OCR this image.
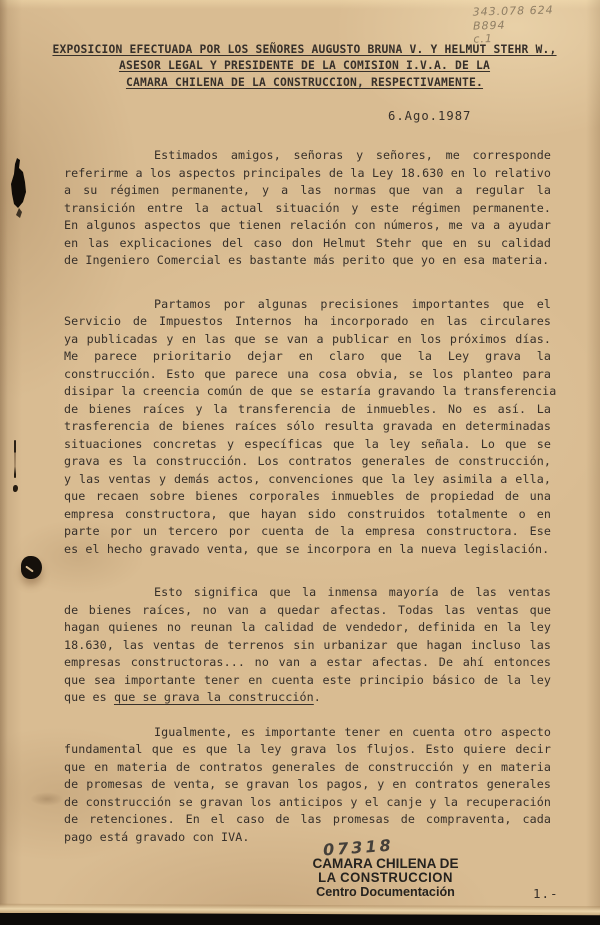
343.078 624
B894
c.1
EXPOSICION EFECTUADA POR LOS SEÑORES AUGUSTO BRUNA V. Y HELMUT STEHR W.,
ASESOR LEGAL Y PRESIDENTE DE LA COMISION I.V.A. DE LA
CAMARA CHILENA DE LA CONSTRUCCION, RESPECTIVAMENTE.
6.Ago.1987
Estimados amigos, señoras y señores, me corresponde
referirme a los aspectos principales de la Ley 18.630 en lo relativo
a su régimen permanente, y a las normas que van a regular la
transición entre la actual situación y este régimen permanente.
En algunos aspectos que tienen relación con números, me va a ayudar
en las explicaciones del caso don Helmut Stehr que en su calidad
de Ingeniero Comercial es bastante más perito que yo en esa materia.
Partamos por algunas precisiones importantes que el
Servicio de Impuestos Internos ha incorporado en las circulares
ya publicadas y en las que se van a publicar en los próximos días.
Me parece prioritario dejar en claro que la Ley grava la
construcción. Esto que parece una cosa obvia, se los planteo para
disipar la creencia común de que se estaría gravando la transferencia
de bienes raíces y la transferencia de inmuebles. No es así. La
trasferencia de bienes raíces sólo resulta gravada en determinadas
situaciones concretas y específicas que la ley señala. Lo que se
grava es la construcción. Los contratos generales de construcción,
y las ventas y demás actos, convenciones que la ley asimila a ella,
que recaen sobre bienes corporales inmuebles de propiedad de una
empresa constructora, que hayan sido construidos totalmente o en
parte por un tercero por cuenta de la empresa constructora. Ese
es el hecho gravado venta, que se incorpora en la nueva legislación.
Esto significa que la inmensa mayoría de las ventas
de bienes raíces, no van a quedar afectas. Todas las ventas que
hagan quienes no reunan la calidad de vendedor, definida en la ley
18.630, las ventas de terrenos sin urbanizar que hagan incluso las
empresas constructoras... no van a estar afectas. De ahí entonces
que sea importante tener en cuenta este principio básico de la ley
que es que se grava la construcción.
Igualmente, es importante tener en cuenta otro aspecto
fundamental que es que la ley grava los flujos. Esto quiere decir
que en materia de contratos generales de construcción y en materia
de promesas de venta, se gravan los pagos, y en contratos generales
de construcción se gravan los anticipos y el canje y la recuperación
de retenciones. En el caso de las promesas de compraventa, cada
pago está gravado con IVA.	07318
CAMARA CHILENA DE
LA CONSTRUCCION
Centro Documentación	1.-
